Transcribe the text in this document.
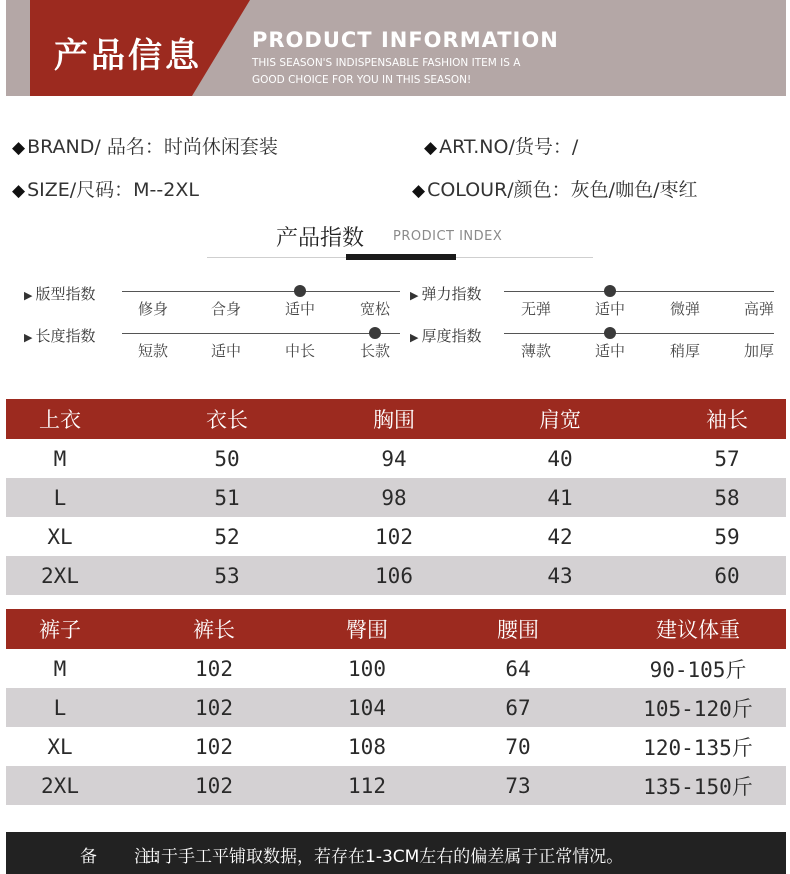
产品信息 PRODUCT INFORMATION
THIS SEASON'S INDISPENSABLE FASHION ITEM IS A
GOOD CHOICE FOR YOU IN THIS SEASON!
◆ BRAND/ 品名：时尚休闲套装	◆ ART.NO/货号：/
◆ SIZE/尺码：M--2XL	◆ COLOUR/颜色：灰色/咖色/枣红
产品指数 PRODICT INDEX
▶ 版型指数
修身	合身	适中	宽松
▶ 长度指数
短款	适中	中长	长款
▶ 弹力指数
无弹	适中	微弹	高弹
▶ 厚度指数
薄款	适中	稍厚	加厚
上衣	衣长	胸围	肩宽	袖长
M	50	94	40	57
L	51	98	41	58
XL	52	102	42	59
2XL	53	106	43	60
裤子	裤长	臀围	腰围	建议体重
M	102	100	64	90-105斤
L	102	104	67	105-120斤
XL	102	108	70	120-135斤
2XL	102	112	73	135-150斤
备　　注：
由于手工平铺取数据，若存在1-3CM左右的偏差属于正常情况。
